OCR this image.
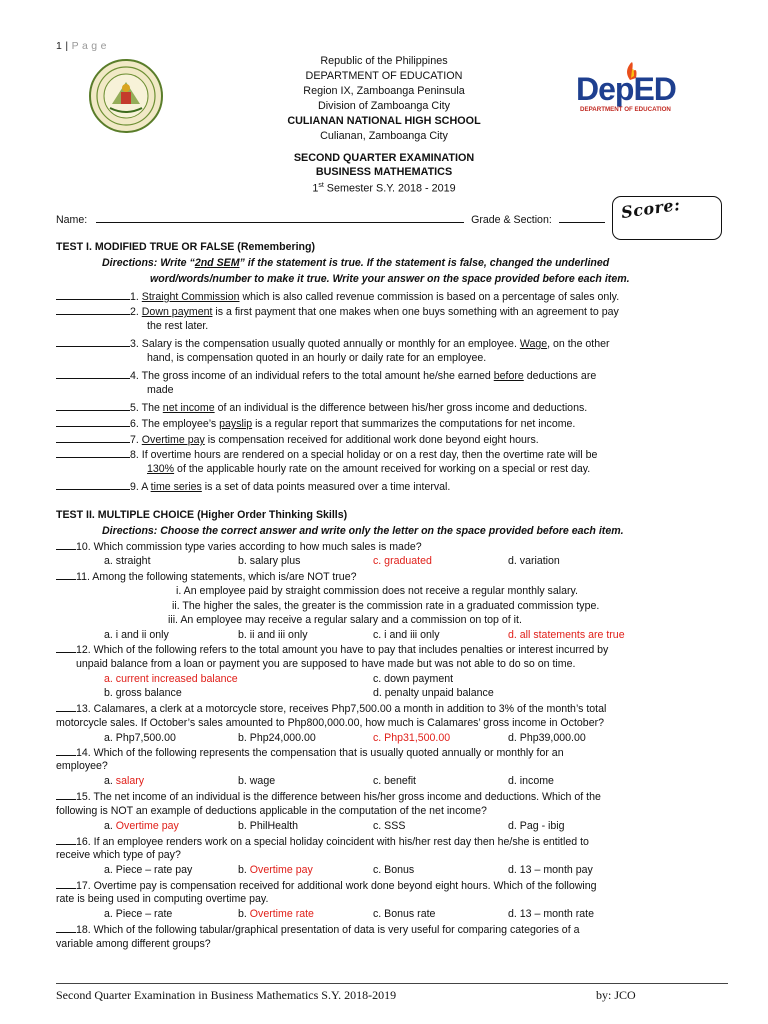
1 | P a g e
DepED
DEPARTMENT OF EDUCATION
Republic of the Philippines
DEPARTMENT OF EDUCATION
Region IX, Zamboanga Peninsula
Division of Zamboanga City
CULIANAN NATIONAL HIGH SCHOOL
Culianan, Zamboanga City
SECOND QUARTER EXAMINATION
BUSINESS MATHEMATICS
1st Semester S.Y. 2018 - 2019
Name:	Grade & Section:	Score:
TEST I. MODIFIED TRUE OR FALSE (Remembering)
Directions: Write “2nd SEM” if the statement is true. If the statement is false, changed the underlined
word/words/number to make it true. Write your answer on the space provided before each item.
1. Straight Commission which is also called revenue commission is based on a percentage of sales only.
2. Down payment is a first payment that one makes when one buys something with an agreement to pay
the rest later.
3. Salary is the compensation usually quoted annually or monthly for an employee. Wage, on the other
hand, is compensation quoted in an hourly or daily rate for an employee.
4. The gross income of an individual refers to the total amount he/she earned before deductions are
made
5. The net income of an individual is the difference between his/her gross income and deductions.
6. The employee’s payslip is a regular report that summarizes the computations for net income.
7. Overtime pay is compensation received for additional work done beyond eight hours.
8. If overtime hours are rendered on a special holiday or on a rest day, then the overtime rate will be
130% of the applicable hourly rate on the amount received for working on a special or rest day.
9. A time series is a set of data points measured over a time interval.
TEST II. MULTIPLE CHOICE (Higher Order Thinking Skills)
Directions: Choose the correct answer and write only the letter on the space provided before each item.
10. Which commission type varies according to how much sales is made?
a. straight	b. salary plus	c. graduated	d. variation
11. Among the following statements, which is/are NOT true?
i. An employee paid by straight commission does not receive a regular monthly salary.
ii. The higher the sales, the greater is the commission rate in a graduated commission type.
iii. An employee may receive a regular salary and a commission on top of it.
a. i and ii only	b. ii and iii only	c. i and iii only	d. all statements are true
12. Which of the following refers to the total amount you have to pay that includes penalties or interest incurred by
unpaid balance from a loan or payment you are supposed to have made but was not able to do so on time.
a. current increased balance	c. down payment
b. gross balance	d. penalty unpaid balance
13. Calamares, a clerk at a motorcycle store, receives Php7,500.00 a month in addition to 3% of the month’s total
motorcycle sales. If October’s sales amounted to Php800,000.00, how much is Calamares’ gross income in October?
a. Php7,500.00	b. Php24,000.00	c. Php31,500.00	d. Php39,000.00
14. Which of the following represents the compensation that is usually quoted annually or monthly for an
employee?
a. salary	b. wage	c. benefit	d. income
15. The net income of an individual is the difference between his/her gross income and deductions. Which of the
following is NOT an example of deductions applicable in the computation of the net income?
a. Overtime pay	b. PhilHealth	c. SSS	d. Pag - ibig
16. If an employee renders work on a special holiday coincident with his/her rest day then he/she is entitled to
receive which type of pay?
a. Piece – rate pay	b. Overtime pay	c. Bonus	d. 13 – month pay
17. Overtime pay is compensation received for additional work done beyond eight hours. Which of the following
rate is being used in computing overtime pay.
a. Piece – rate	b. Overtime rate	c. Bonus rate	d. 13 – month rate
18. Which of the following tabular/graphical presentation of data is very useful for comparing categories of a
variable among different groups?
Second Quarter Examination in Business Mathematics S.Y. 2018-2019	by: JCO
